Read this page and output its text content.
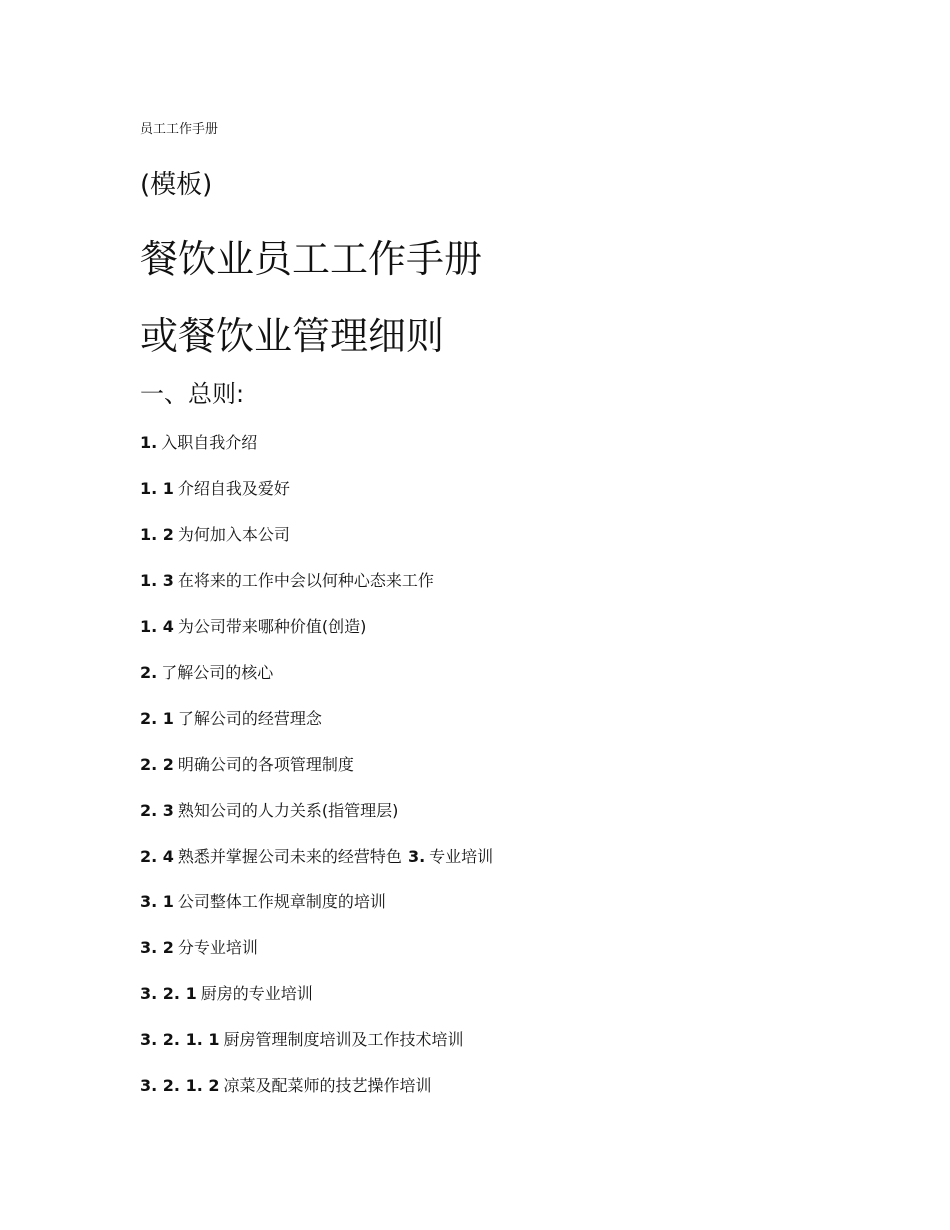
员工工作手册
(模板)
餐饮业员工工作手册
或餐饮业管理细则
一、总则:
1. 入职自我介绍
1. 1 介绍自我及爱好
1. 2 为何加入本公司
1. 3 在将来的工作中会以何种心态来工作
1. 4 为公司带来哪种价值(创造)
2. 了解公司的核心
2. 1 了解公司的经营理念
2. 2 明确公司的各项管理制度
2. 3 熟知公司的人力关系(指管理层)
2. 4 熟悉并掌握公司未来的经营特色 3. 专业培训
3. 1 公司整体工作规章制度的培训
3. 2 分专业培训
3. 2. 1 厨房的专业培训
3. 2. 1. 1 厨房管理制度培训及工作技术培训
3. 2. 1. 2 凉菜及配菜师的技艺操作培训
